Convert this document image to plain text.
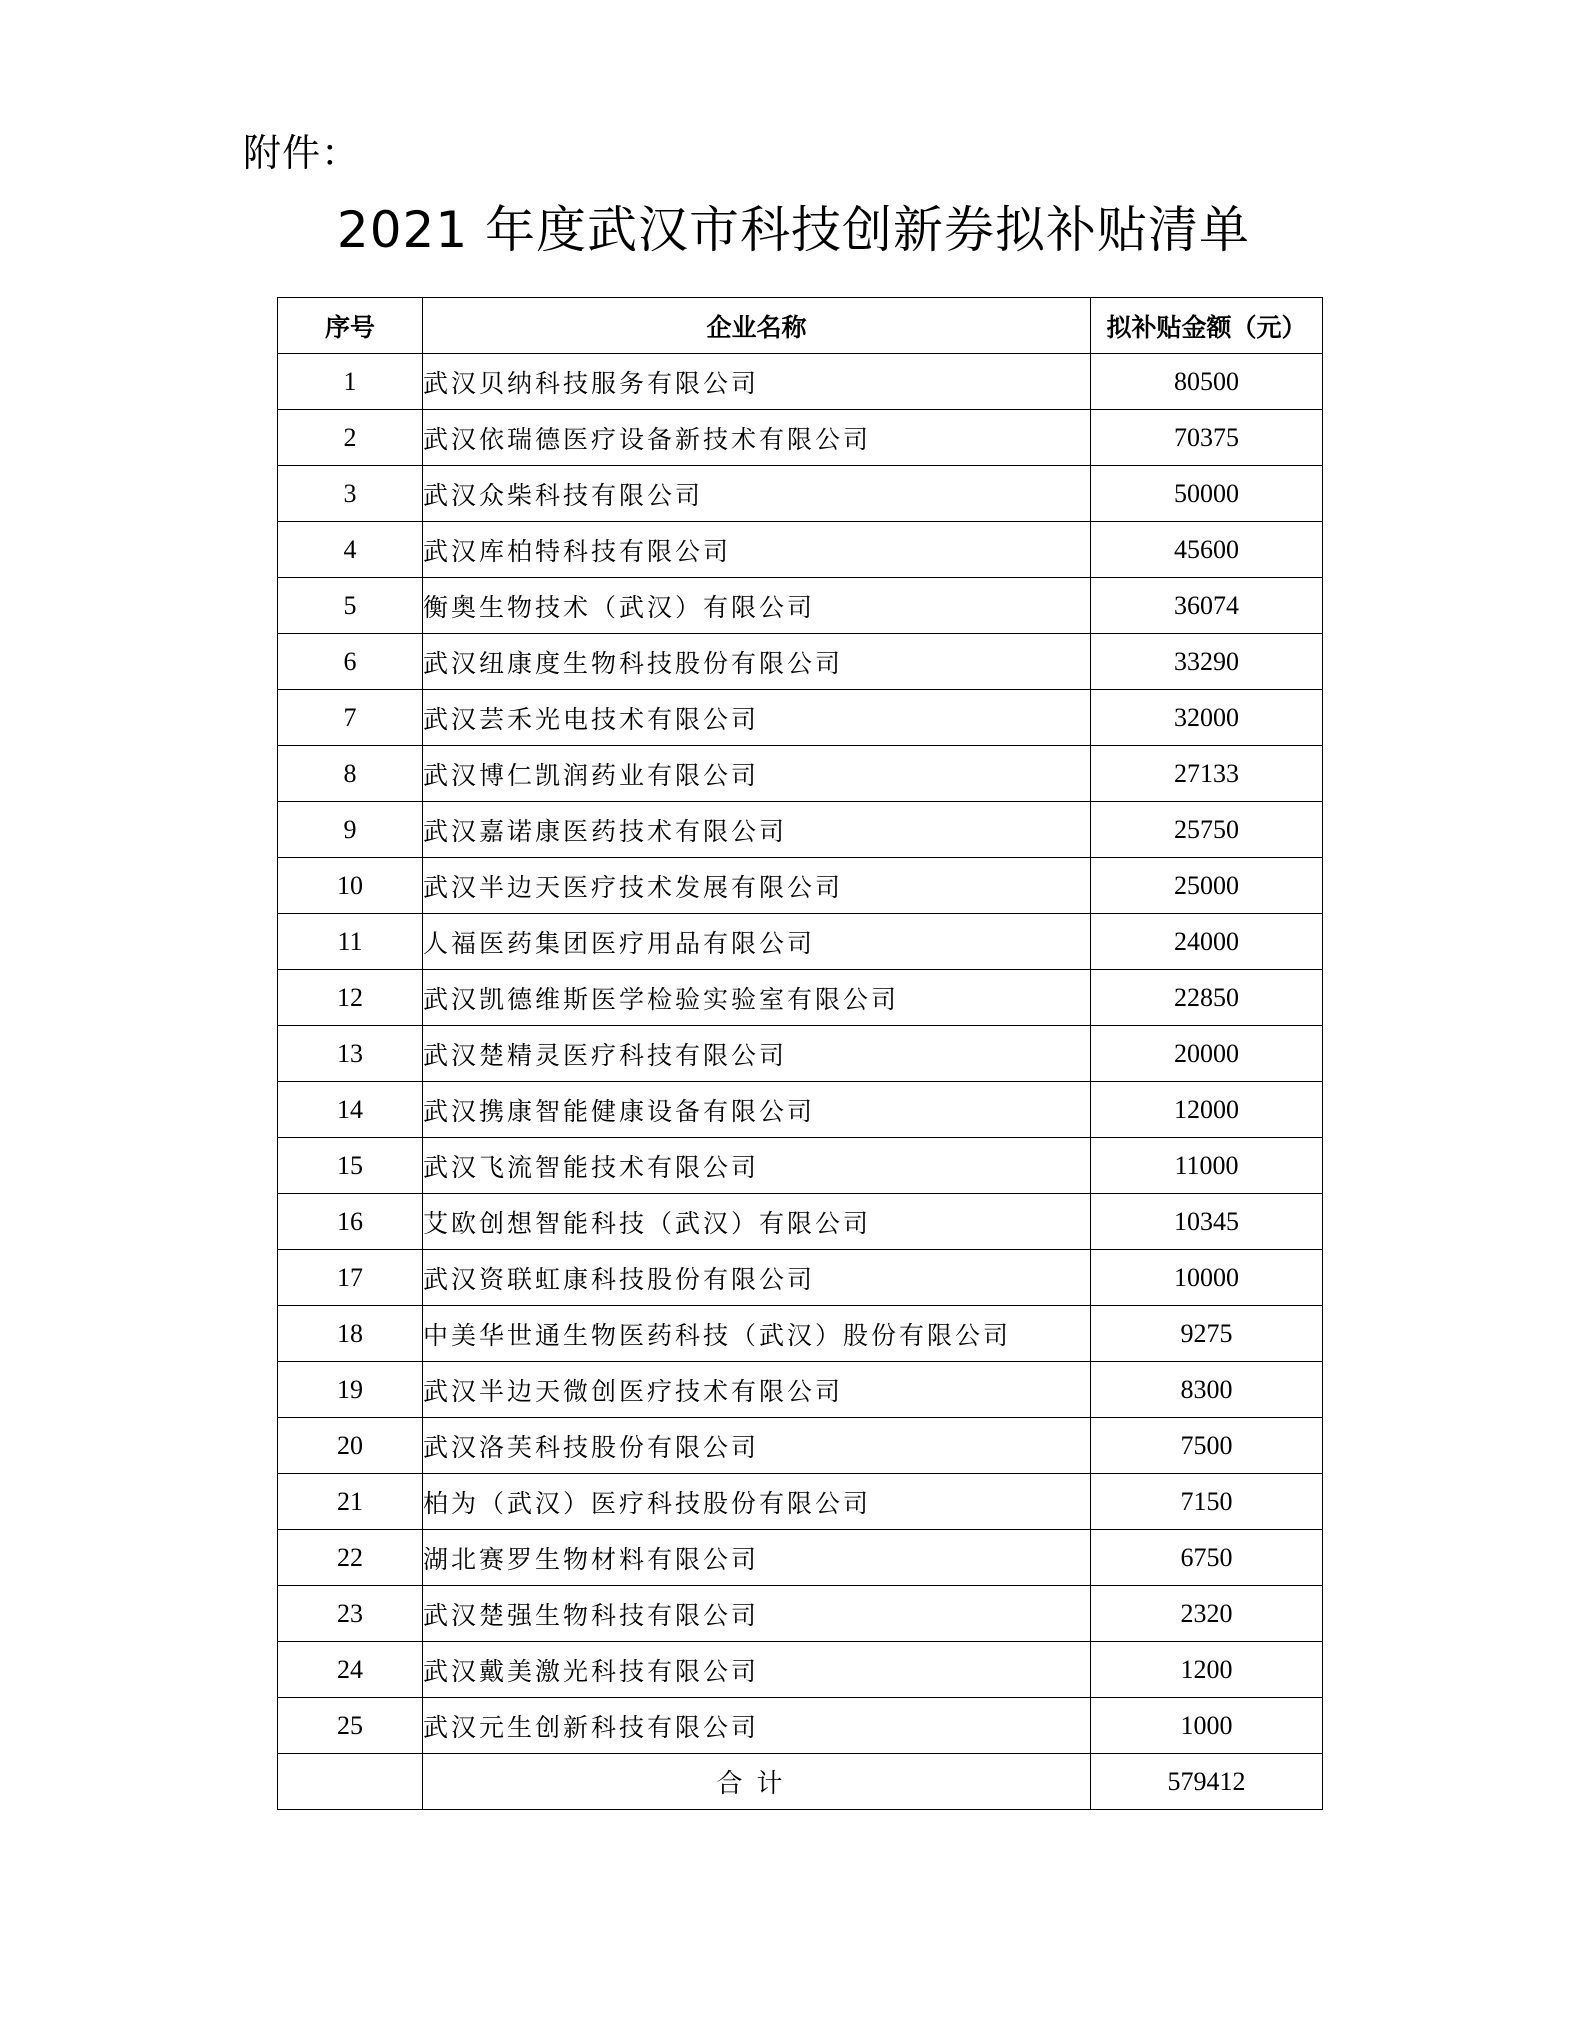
附件：
2021 年度武汉市科技创新券拟补贴清单
序号	企业名称	拟补贴金额（元）
1	武汉贝纳科技服务有限公司	80500
2	武汉依瑞德医疗设备新技术有限公司	70375
3	武汉众柴科技有限公司	50000
4	武汉库柏特科技有限公司	45600
5	衡奥生物技术（武汉）有限公司	36074
6	武汉纽康度生物科技股份有限公司	33290
7	武汉芸禾光电技术有限公司	32000
8	武汉博仁凯润药业有限公司	27133
9	武汉嘉诺康医药技术有限公司	25750
10	武汉半边天医疗技术发展有限公司	25000
11	人福医药集团医疗用品有限公司	24000
12	武汉凯德维斯医学检验实验室有限公司	22850
13	武汉楚精灵医疗科技有限公司	20000
14	武汉携康智能健康设备有限公司	12000
15	武汉飞流智能技术有限公司	11000
16	艾欧创想智能科技（武汉）有限公司	10345
17	武汉资联虹康科技股份有限公司	10000
18	中美华世通生物医药科技（武汉）股份有限公司	9275
19	武汉半边天微创医疗技术有限公司	8300
20	武汉洛芙科技股份有限公司	7500
21	柏为（武汉）医疗科技股份有限公司	7150
22	湖北赛罗生物材料有限公司	6750
23	武汉楚强生物科技有限公司	2320
24	武汉戴美激光科技有限公司	1200
25	武汉元生创新科技有限公司	1000
	合计	579412
